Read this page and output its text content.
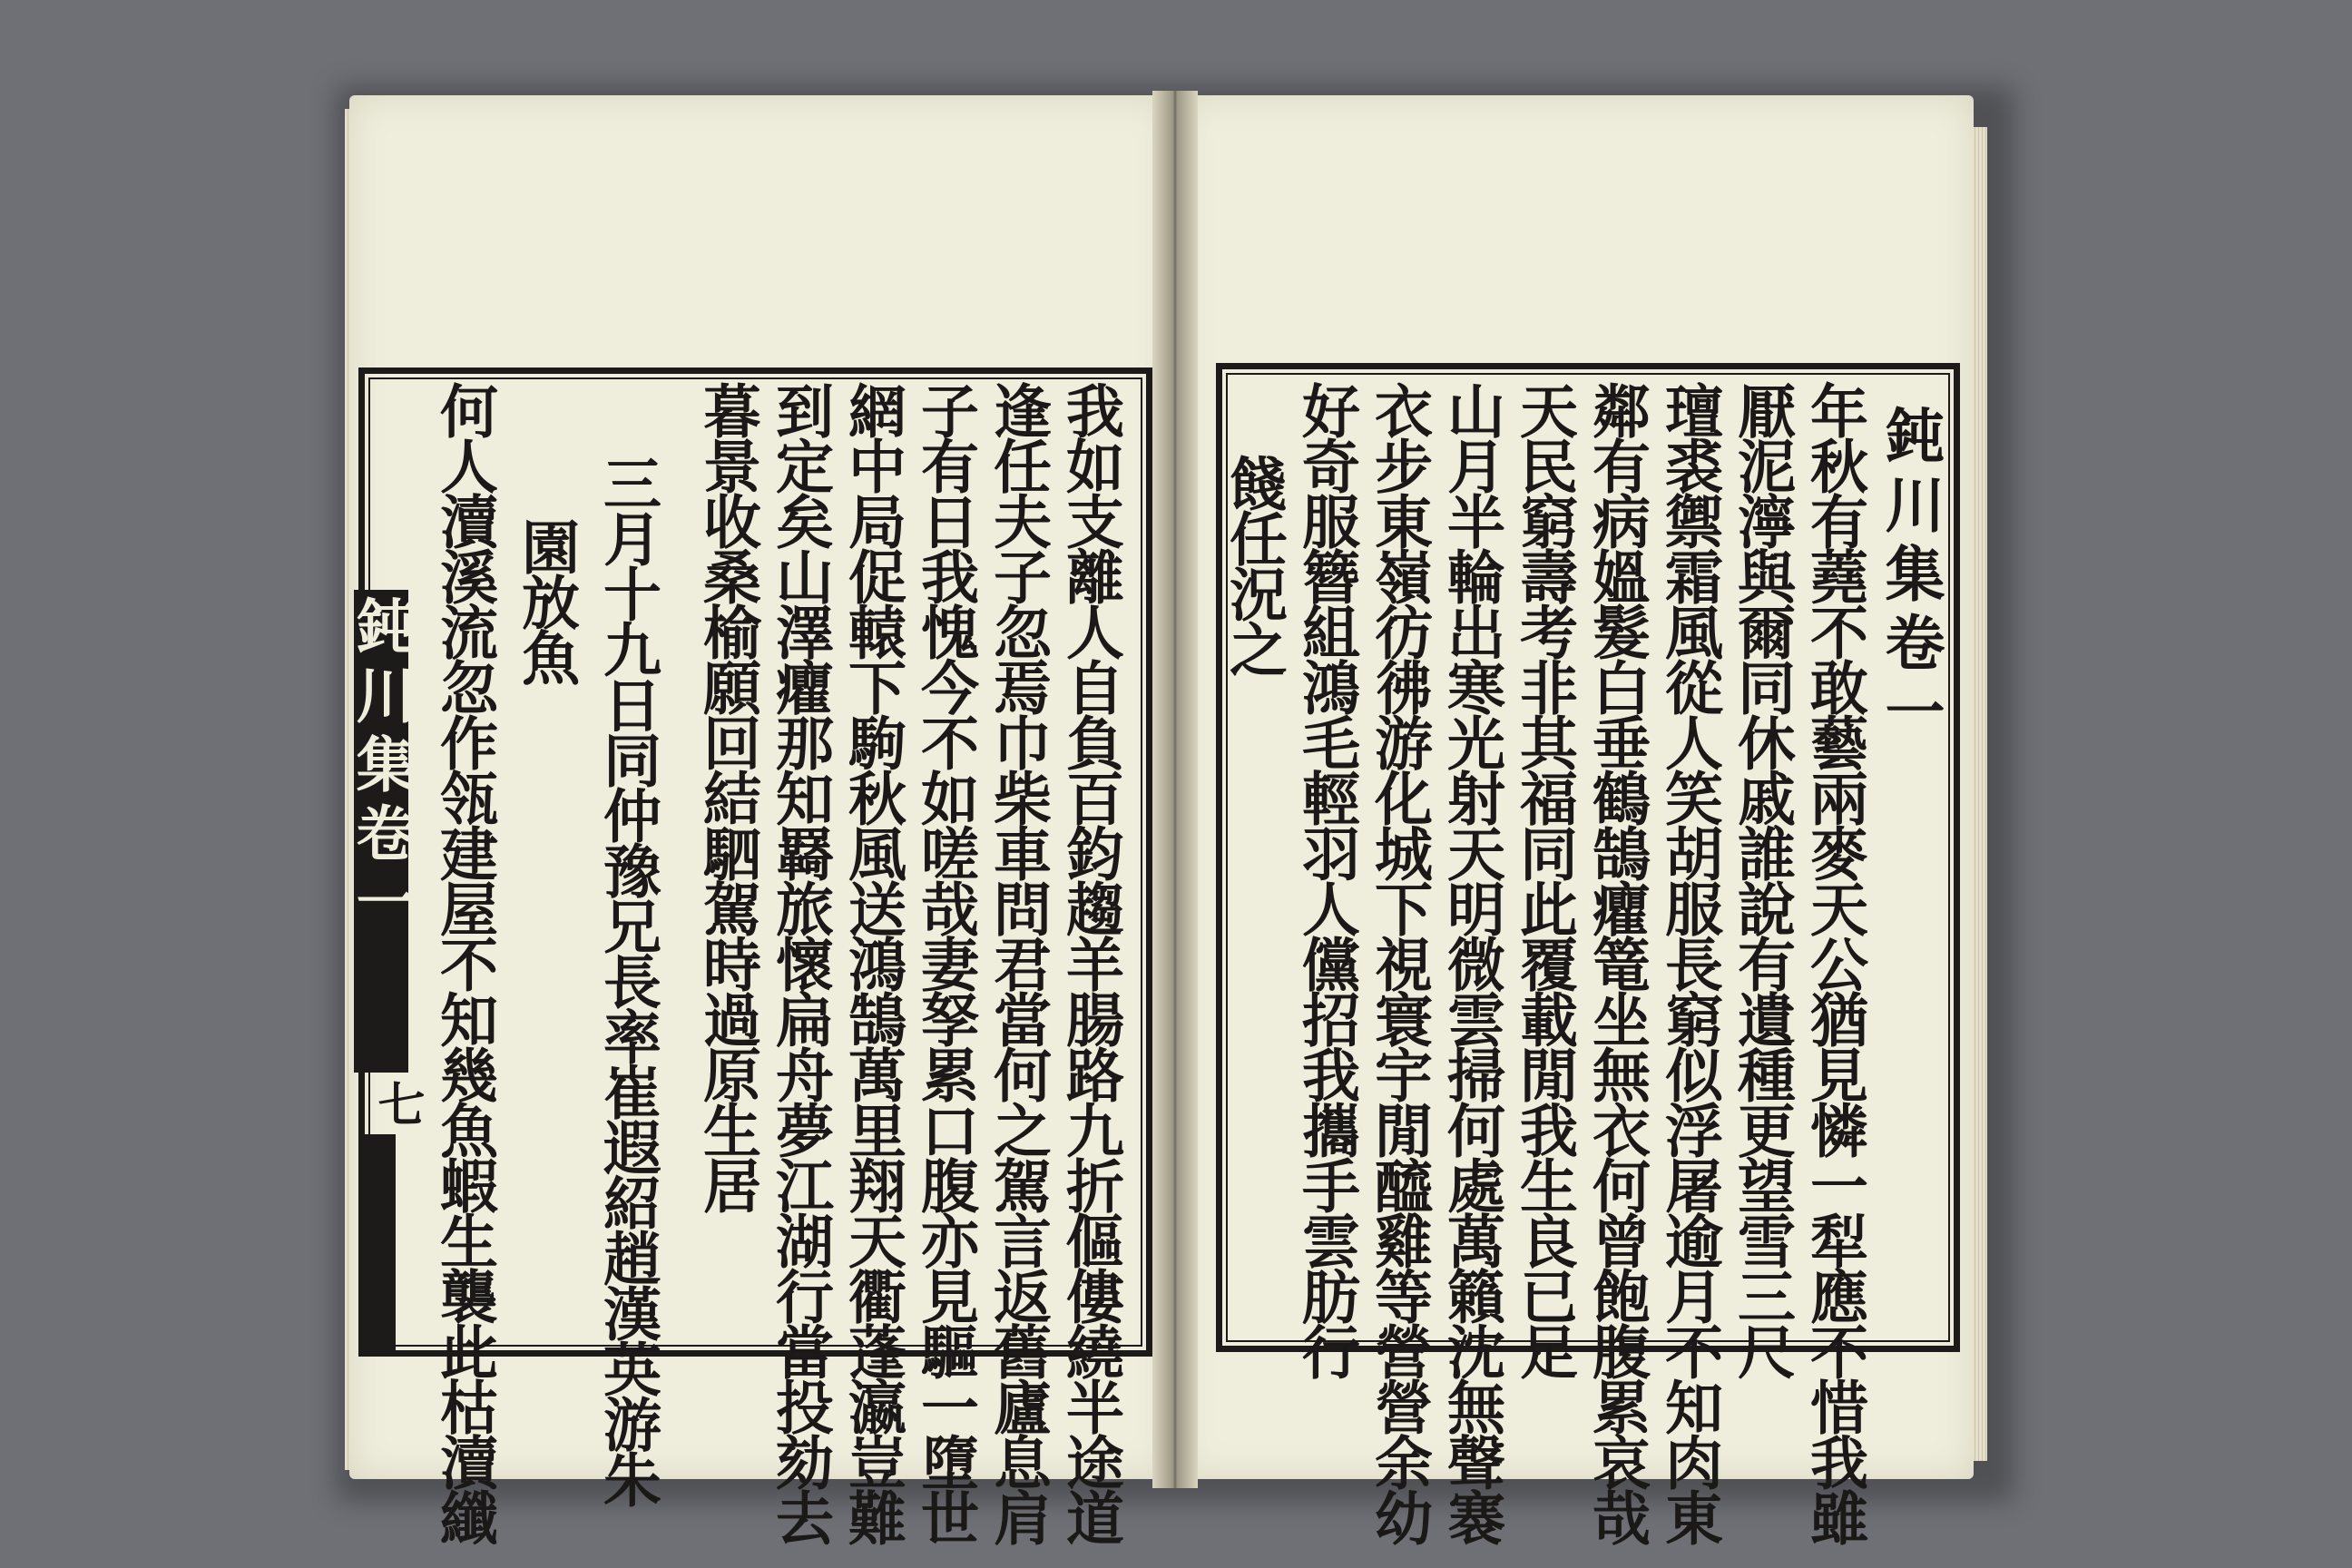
鈍川集卷一
七	我如支離人自負百鈞趨羊腸路九折傴僂繞半途道
逢任夫子忽焉巾柴車問君當何之駕言返舊廬息肩
子有日我愧今不如嗟哉妻孥累口腹亦見驅一墮世
網中局促轅下駒秋風送鴻鵠萬里翔天衢蓬瀛豈難
到定矣山澤癯那知羇旅懷扁舟夢江湖行當投劾去
暮景收桑榆願回結駟駕時過原生居
三月十九日同仲豫兄長率崔遐紹趙漢英游朱
園放魚
何人瀆溪流忽作瓴建屋不知幾魚蝦生襲此枯瀆纖	鈍川集卷一
年秋有蕘不敢藝兩麥天公猶見憐一犁應不惜我雖
厭泥濘與爾同休戚誰說有遺種更望雪三尺
璮裘禦霜風從人笑胡服長窮似浮屠逾月不知肉東
鄰有病媼髮白垂鶴鵠癯篭坐無衣何曾飽腹累哀哉
天民窮壽考非其福同此覆載閒我生良已足
山月半輪出寒光射天明微雲掃何處萬籟沈無聲褰
衣步東嶺彷彿游化城下視寰宇閒醯雞等營營余幼
好奇服簪組鴻毛輕羽人儻招我攜手雲肪行
餞任況之
